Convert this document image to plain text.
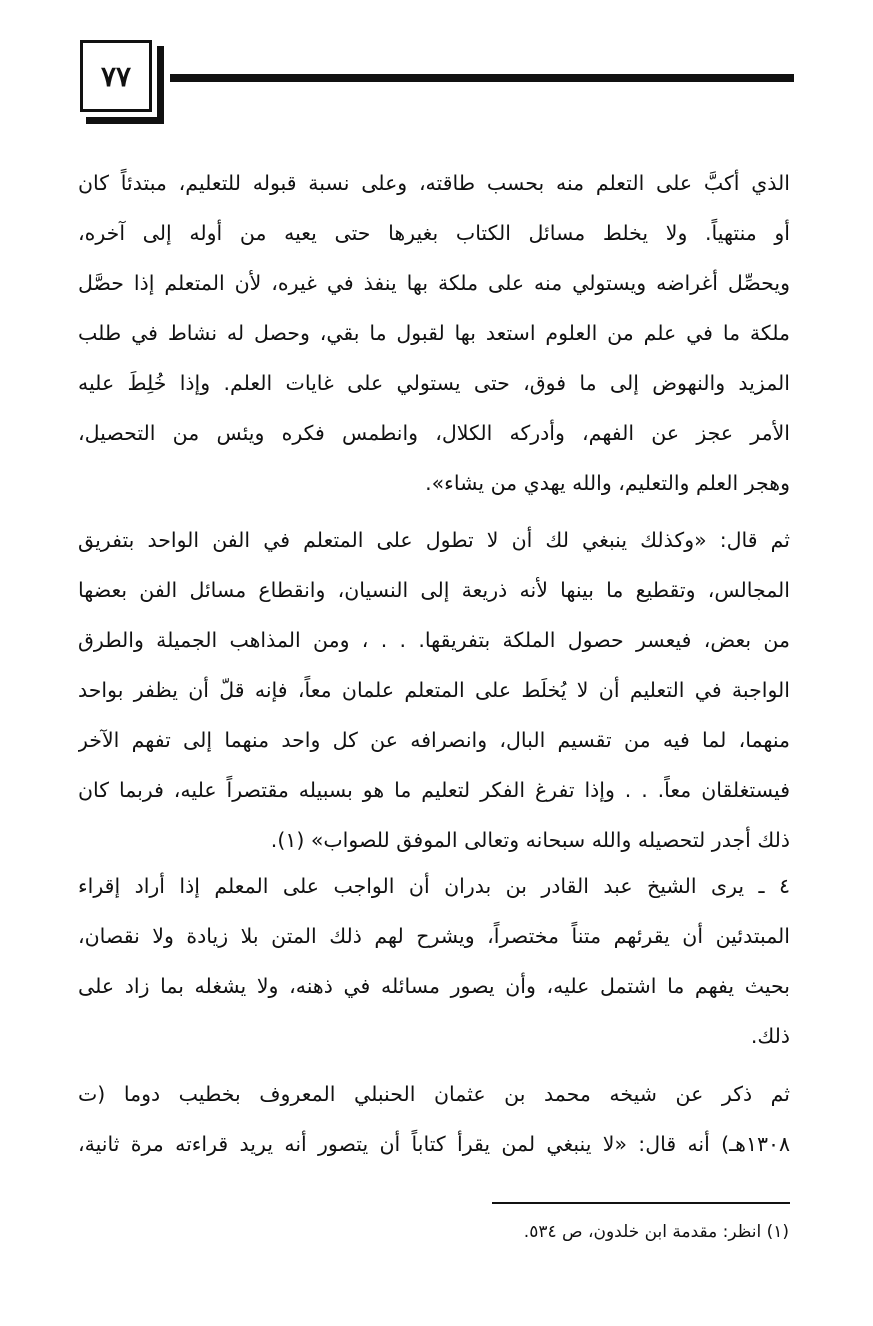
٧٧
الذي أكبَّ على التعلم منه بحسب طاقته، وعلى نسبة قبوله للتعليم، مبتدئاً كان
أو منتهياً. ولا يخلط مسائل الكتاب بغيرها حتى يعيه من أوله إلى آخره،
ويحصِّل أغراضه ويستولي منه على ملكة بها ينفذ في غيره، لأن المتعلم إذا حصَّل
ملكة ما في علم من العلوم استعد بها لقبول ما بقي، وحصل له نشاط في طلب
المزيد والنهوض إلى ما فوق، حتى يستولي على غايات العلم. وإذا خُلِطَ عليه
الأمر عجز عن الفهم، وأدركه الكلال، وانطمس فكره ويئس من التحصيل،
وهجر العلم والتعليم، والله يهدي من يشاء».
ثم قال: «وكذلك ينبغي لك أن لا تطول على المتعلم في الفن الواحد بتفريق
المجالس، وتقطيع ما بينها لأنه ذريعة إلى النسيان، وانقطاع مسائل الفن بعضها
من بعض، فيعسر حصول الملكة بتفريقها. . . ، ومن المذاهب الجميلة والطرق
الواجبة في التعليم أن لا يُخلَط على المتعلم علمان معاً، فإنه قلّ أن يظفر بواحد
منهما، لما فيه من تقسيم البال، وانصرافه عن كل واحد منهما إلى تفهم الآخر
فيستغلقان معاً. . . وإذا تفرغ الفكر لتعليم ما هو بسبيله مقتصراً عليه، فربما كان
ذلك أجدر لتحصيله والله سبحانه وتعالى الموفق للصواب» (١).
٤ ـ يرى الشيخ عبد القادر بن بدران أن الواجب على المعلم إذا أراد إقراء
المبتدئين أن يقرئهم متناً مختصراً، ويشرح لهم ذلك المتن بلا زيادة ولا نقصان،
بحيث يفهم ما اشتمل عليه، وأن يصور مسائله في ذهنه، ولا يشغله بما زاد على
ذلك.
ثم ذكر عن شيخه محمد بن عثمان الحنبلي المعروف بخطيب دوما (ت
١٣٠٨هـ) أنه قال: «لا ينبغي لمن يقرأ كتاباً أن يتصور أنه يريد قراءته مرة ثانية،
(١) انظر: مقدمة ابن خلدون، ص ٥٣٤.
